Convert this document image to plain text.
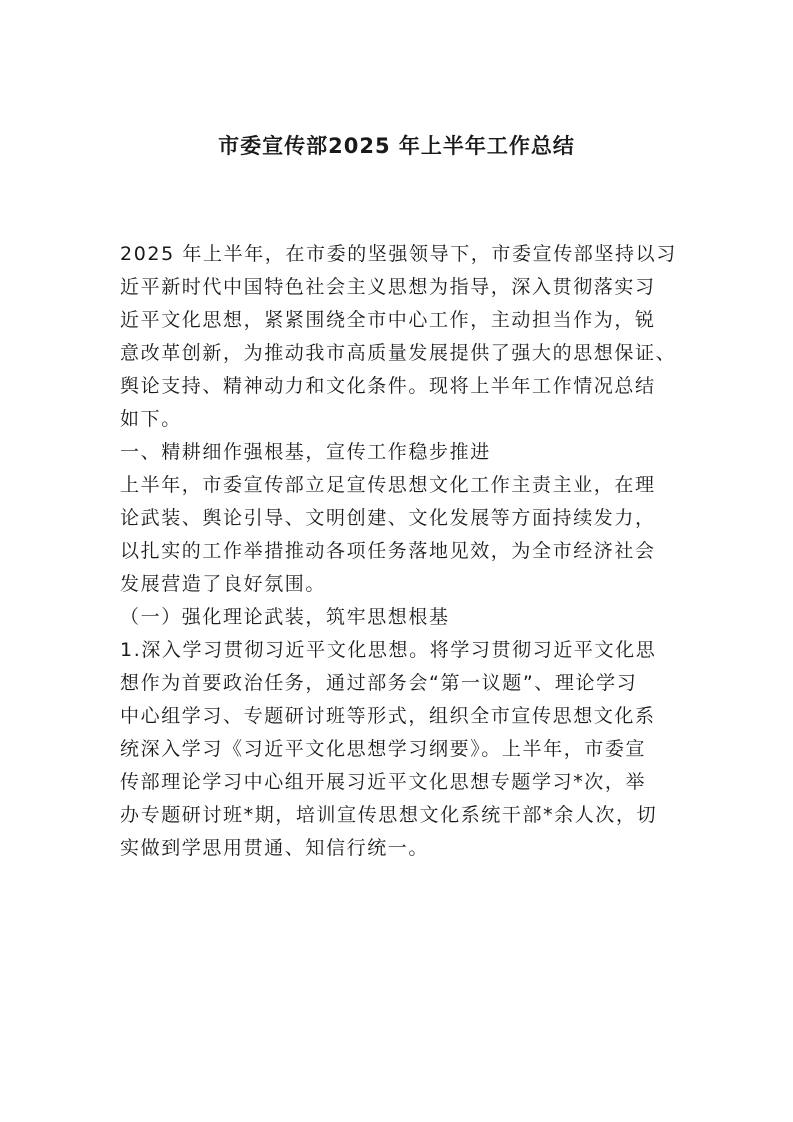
市委宣传部2025 年上半年工作总结
2025 年上半年，在市委的坚强领导下，市委宣传部坚持以习
近平新时代中国特色社会主义思想为指导，深入贯彻落实习
近平文化思想，紧紧围绕全市中心工作，主动担当作为，锐
意改革创新，为推动我市高质量发展提供了强大的思想保证、
舆论支持、精神动力和文化条件。现将上半年工作情况总结
如下。
一、精耕细作强根基，宣传工作稳步推进
上半年，市委宣传部立足宣传思想文化工作主责主业，在理
论武装、舆论引导、文明创建、文化发展等方面持续发力，
以扎实的工作举措推动各项任务落地见效，为全市经济社会
发展营造了良好氛围。
（一）强化理论武装，筑牢思想根基
1.深入学习贯彻习近平文化思想。将学习贯彻习近平文化思
想作为首要政治任务，通过部务会“第一议题”、理论学习
中心组学习、专题研讨班等形式，组织全市宣传思想文化系
统深入学习《习近平文化思想学习纲要》。上半年，市委宣
传部理论学习中心组开展习近平文化思想专题学习*次，举
办专题研讨班*期，培训宣传思想文化系统干部*余人次，切
实做到学思用贯通、知信行统一。
